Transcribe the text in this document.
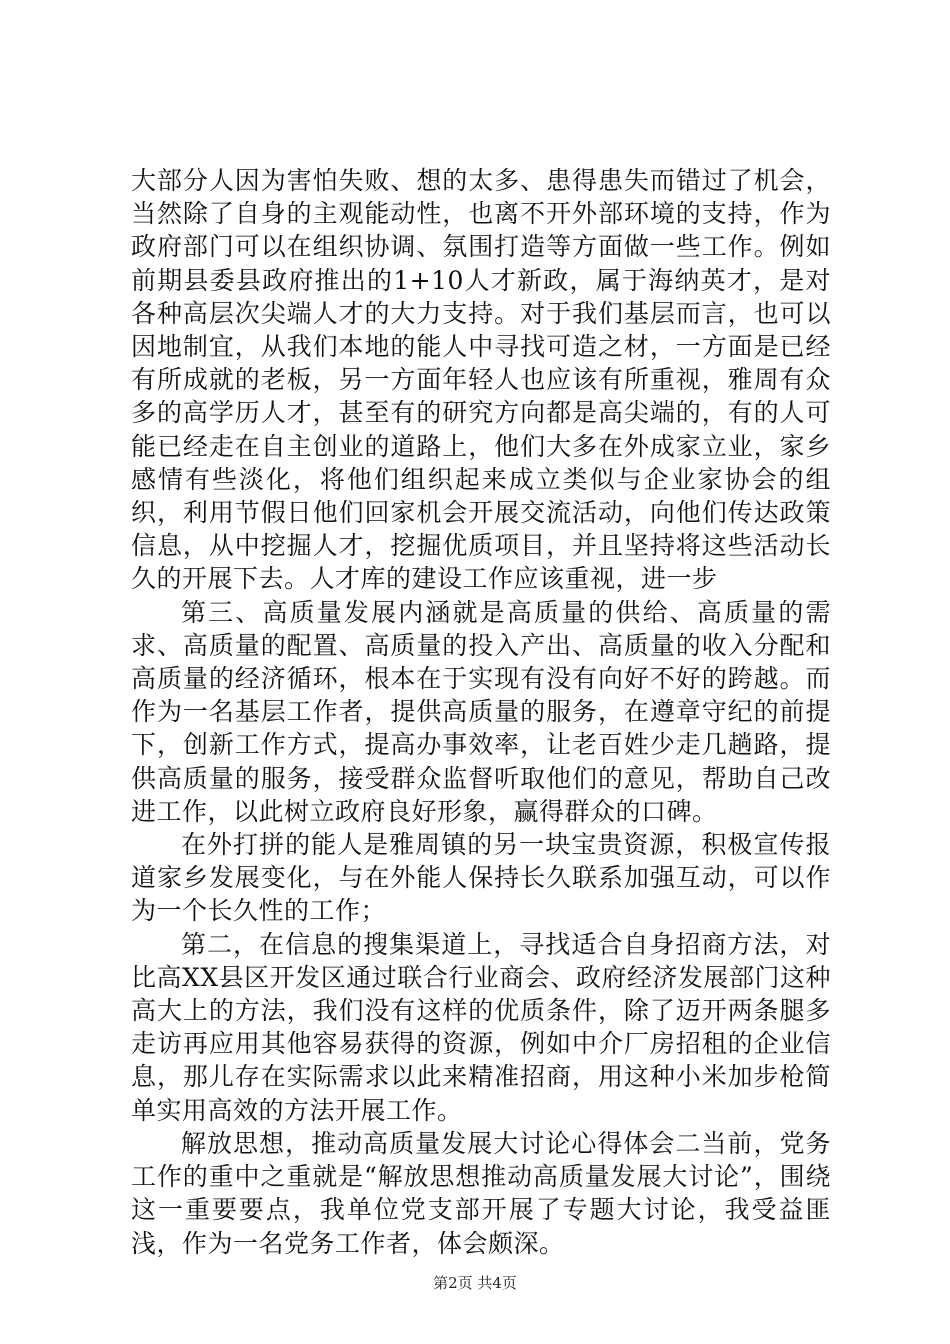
大部分人因为害怕失败、想的太多、患得患失而错过了机会，当然除了自身的主观能动性，也离不开外部环境的支持，作为政府部门可以在组织协调、氛围打造等方面做一些工作。例如前期县委县政府推出的1+10人才新政，属于海纳英才，是对各种高层次尖端人才的大力支持。对于我们基层而言，也可以因地制宜，从我们本地的能人中寻找可造之材，一方面是已经有所成就的老板，另一方面年轻人也应该有所重视，雅周有众多的高学历人才，甚至有的研究方向都是高尖端的，有的人可能已经走在自主创业的道路上，他们大多在外成家立业，家乡感情有些淡化，将他们组织起来成立类似与企业家协会的组织，利用节假日他们回家机会开展交流活动，向他们传达政策信息，从中挖掘人才，挖掘优质项目，并且坚持将这些活动长久的开展下去。人才库的建设工作应该重视，进一步

第三、高质量发展内涵就是高质量的供给、高质量的需求、高质量的配置、高质量的投入产出、高质量的收入分配和高质量的经济循环，根本在于实现有没有向好不好的跨越。而作为一名基层工作者，提供高质量的服务，在遵章守纪的前提下，创新工作方式，提高办事效率，让老百姓少走几趟路，提供高质量的服务，接受群众监督听取他们的意见，帮助自己改进工作，以此树立政府良好形象，赢得群众的口碑。

在外打拼的能人是雅周镇的另一块宝贵资源，积极宣传报道家乡发展变化，与在外能人保持长久联系加强互动，可以作为一个长久性的工作；

第二，在信息的搜集渠道上，寻找适合自身招商方法，对比高XX县区开发区通过联合行业商会、政府经济发展部门这种高大上的方法，我们没有这样的优质条件，除了迈开两条腿多走访再应用其他容易获得的资源，例如中介厂房招租的企业信息，那儿存在实际需求以此来精准招商，用这种小米加步枪简单实用高效的方法开展工作。

解放思想，推动高质量发展大讨论心得体会二当前，党务工作的重中之重就是“解放思想推动高质量发展大讨论”，围绕这一重要要点，我单位党支部开展了专题大讨论，我受益匪浅，作为一名党务工作者，体会颇深。

第2页 共4页
